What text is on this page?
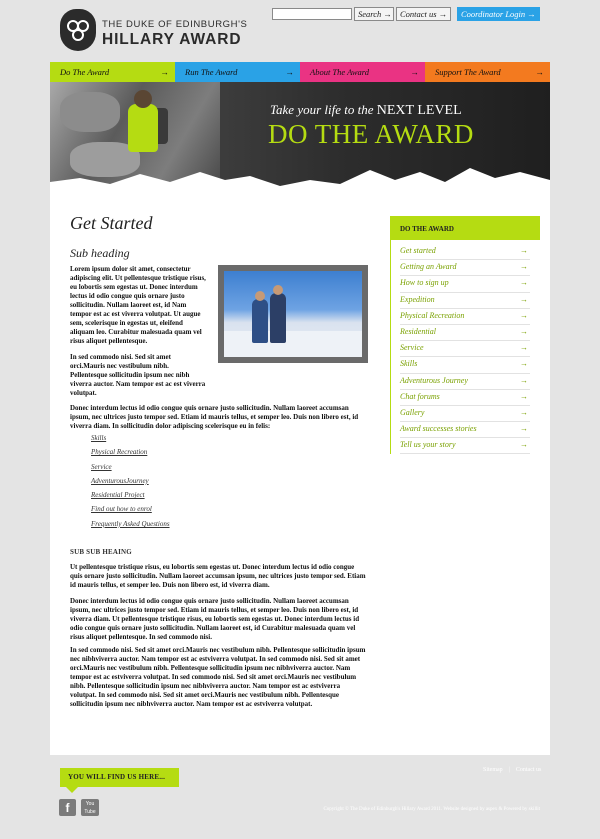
THE DUKE OF EDINBURGH'S
HILLARY AWARD
Search → Contact us →	Coordinator Login →
Do The Award	→	Run The Award	→	About The Award	→	Support The Award	→
Take your life to the NEXT LEVEL
DO THE AWARD
Get Started
Sub heading
Lorem ipsum dolor sit amet, consectetur adipiscing elit. Ut pellentesque tristique risus, eu lobortis sem egestas ut. Donec interdum lectus id odio congue quis ornare justo sollicitudin. Nullam laoreet est, id Nam tempor est ac est viverra volutpat. Ut augue sem, scelerisque in egestas ut, eleifend aliquam leo. Curabitur malesuada quam vel risus aliquet pellentesque.
In sed commodo nisi. Sed sit amet orci.Mauris nec vestibulum nibh. Pellentesque sollicitudin ipsum nec nibh viverra auctor. Nam tempor est ac est viverra volutpat.
Donec interdum lectus id odio congue quis ornare justo sollicitudin. Nullam laoreet accumsan ipsum, nec ultrices justo tempor sed. Etiam id mauris tellus, et semper leo. Duis non libero est, id viverra diam. In sollicitudin dolor adipiscing scelerisque eu in felis:
Skills
Physical Recreation
Service
AdventurousJourney
Residential Project
Find out how to enrol
Frequently Asked Questions
SUB SUB HEAING
Ut pellentesque tristique risus, eu lobortis sem egestas ut. Donec interdum lectus id odio congue quis ornare justo sollicitudin. Nullam laoreet accumsan ipsum, nec ultrices justo tempor sed. Etiam id mauris tellus, et semper leo. Duis non libero est, id viverra diam.
Donec interdum lectus id odio congue quis ornare justo sollicitudin. Nullam laoreet accumsan ipsum, nec ultrices justo tempor sed. Etiam id mauris tellus, et semper leo. Duis non libero est, id viverra diam. Ut pellentesque tristique risus, eu lobortis sem egestas ut. Donec interdum lectus id odio congue quis ornare justo sollicitudin. Nullam laoreet est, id Curabitur malesuada quam vel risus aliquet pellentesque. In sed commodo nisi.
In sed commodo nisi. Sed sit amet orci.Mauris nec vestibulum nibh. Pellentesque sollicitudin ipsum nec nibhviverra auctor. Nam tempor est ac estviverra volutpat. In sed commodo nisi. Sed sit amet orci.Mauris nec vestibulum nibh. Pellentesque sollicitudin ipsum nec nibhviverra auctor. Nam tempor est ac estviverra volutpat. In sed commodo nisi. Sed sit amet orci.Mauris nec vestibulum nibh. Pellentesque sollicitudin ipsum nec nibhviverra auctor. Nam tempor est ac estviverra volutpat. In sed commodo nisi. Sed sit amet orci.Mauris nec vestibulum nibh. Pellentesque sollicitudin ipsum nec nibhviverra auctor. Nam tempor est ac estviverra volutpat.
DO THE AWARD
Get started	→
Getting an Award	→
How to sign up	→
Expedition	→
Physical Recreation	→
Residential	→
Service	→
Skills	→
Adventurous Journey	→
Chat forums	→
Gallery	→
Award successes stories	→
Tell us your story	→
YOU WILL FIND US HERE...
f	You Tube
Sitemap | Contact us
Copyright © The Duke of Edinburgh's Hillary Award 2011. Website designed by aspex & Powered by skillit
